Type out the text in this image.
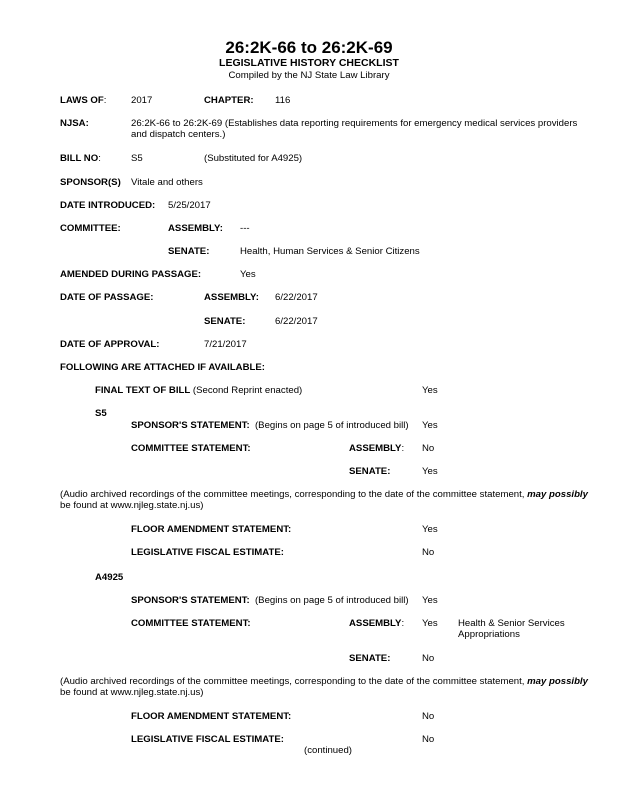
26:2K-66 to 26:2K-69
LEGISLATIVE HISTORY CHECKLIST
Compiled by the NJ State Law Library
LAWS OF:	2017	CHAPTER: 116
NJSA:	26:2K-66 to 26:2K-69 (Establishes data reporting requirements for emergency medical services providers
and dispatch centers.)
BILL NO:	S5	(Substituted for A4925)
SPONSOR(S) Vitale and others
DATE INTRODUCED: 5/25/2017
COMMITTEE:	ASSEMBLY: ---
SENATE:	Health, Human Services & Senior Citizens
AMENDED DURING PASSAGE:	Yes
DATE OF PASSAGE:	ASSEMBLY: 6/22/2017
SENATE:	6/22/2017
DATE OF APPROVAL:	7/21/2017
FOLLOWING ARE ATTACHED IF AVAILABLE:
FINAL TEXT OF BILL (Second Reprint enacted)	Yes
S5
SPONSOR'S STATEMENT:  (Begins on page 5 of introduced bill) Yes
COMMITTEE STATEMENT:	ASSEMBLY: No
SENATE:	Yes
(Audio archived recordings of the committee meetings, corresponding to the date of the committee statement, may possibly
be found at www.njleg.state.nj.us)
FLOOR AMENDMENT STATEMENT:	Yes
LEGISLATIVE FISCAL ESTIMATE:	No
A4925
SPONSOR'S STATEMENT:  (Begins on page 5 of introduced bill) Yes
COMMITTEE STATEMENT:	ASSEMBLY: Yes Health & Senior Services
Appropriations
SENATE:	No
(Audio archived recordings of the committee meetings, corresponding to the date of the committee statement, may possibly
be found at www.njleg.state.nj.us)
FLOOR AMENDMENT STATEMENT:	No
LEGISLATIVE FISCAL ESTIMATE:	No
(continued)
